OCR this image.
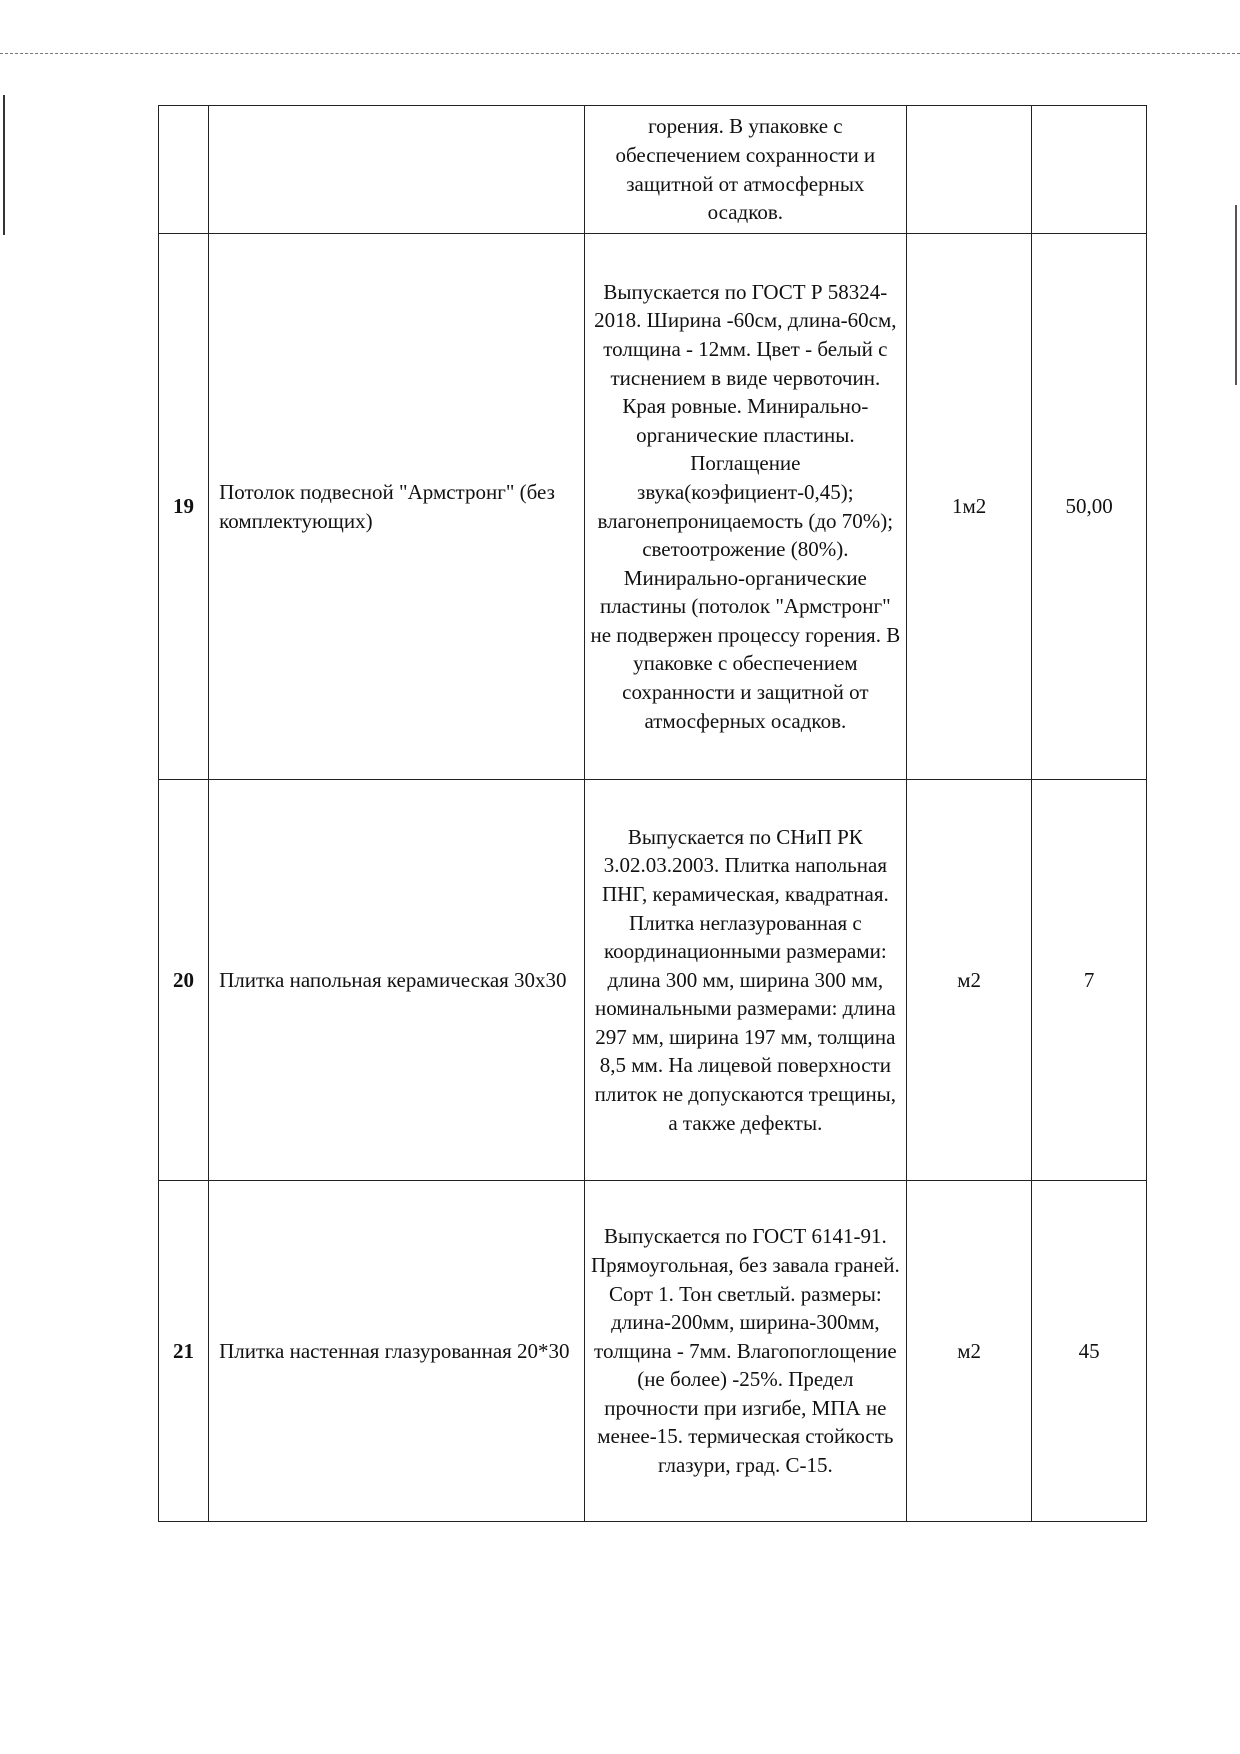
		горения. В упаковке с обеспечением сохранности и защитной от атмосферных осадков.		
19	Потолок подвесной "Армстронг" (без комплектующих)	Выпускается по ГОСТ Р 58324-2018. Ширина -60см, длина-60см, толщина - 12мм. Цвет - белый с тиснением в виде червоточин. Края ровные. Минирально-органические пластины. Поглащение звука(коэфициент-0,45); влагонепроницаемость (до 70%); светоотрожение (80%). Минирально-органические пластины (потолок "Армстронг" не подвержен процессу горения. В упаковке с обеспечением сохранности и защитной от атмосферных осадков.	1м2	50,00
20	Плитка напольная керамическая 30х30	Выпускается по СНиП РК 3.02.03.2003. Плитка напольная ПНГ, керамическая, квадратная. Плитка неглазурованная с координационными размерами: длина 300 мм, ширина 300 мм, номинальными размерами: длина 297 мм, ширина 197 мм, толщина 8,5 мм. На лицевой поверхности плиток не допускаются трещины, а также дефекты.	м2	7
21	Плитка настенная глазурованная 20*30	Выпускается по ГОСТ 6141-91. Прямоугольная, без завала граней. Сорт 1. Тон светлый. размеры: длина-200мм, ширина-300мм, толщина - 7мм. Влагопоглощение (не более) -25%. Предел прочности при изгибе, МПА не менее-15. термическая стойкость глазури, град. С-15.	м2	45
